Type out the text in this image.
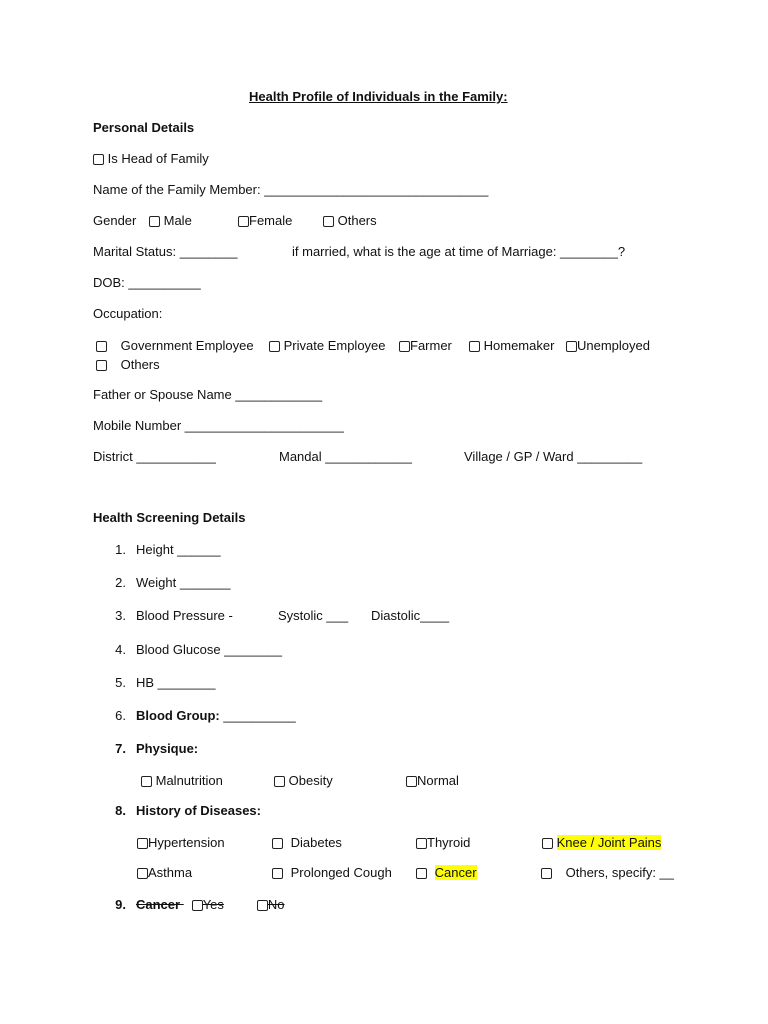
Health Profile of Individuals in the Family:
Personal Details
Is Head of Family
Name of the Family Member: _______________________________
Gender	Male	Female	Others
Marital Status: ________	if married, what is the age at time of Marriage: ________?
DOB: __________
Occupation:
Government Employee	Private Employee	Farmer	Homemaker	Unemployed
Others
Father or Spouse Name ____________
Mobile Number ______________________
District ___________	Mandal ____________	Village / GP / Ward _________
Health Screening Details
1. Height ______
2. Weight _______
3. Blood Pressure -	Systolic ___ Diastolic____
4. Blood Glucose ________
5. HB ________
6. Blood Group: __________
7. Physique:
Malnutrition	Obesity	Normal
8. History of Diseases:
Hypertension	Diabetes	Thyroid	Knee / Joint Pains
Asthma	Prolonged Cough	Cancer	Others, specify: __
9. Cancer Yes	No
